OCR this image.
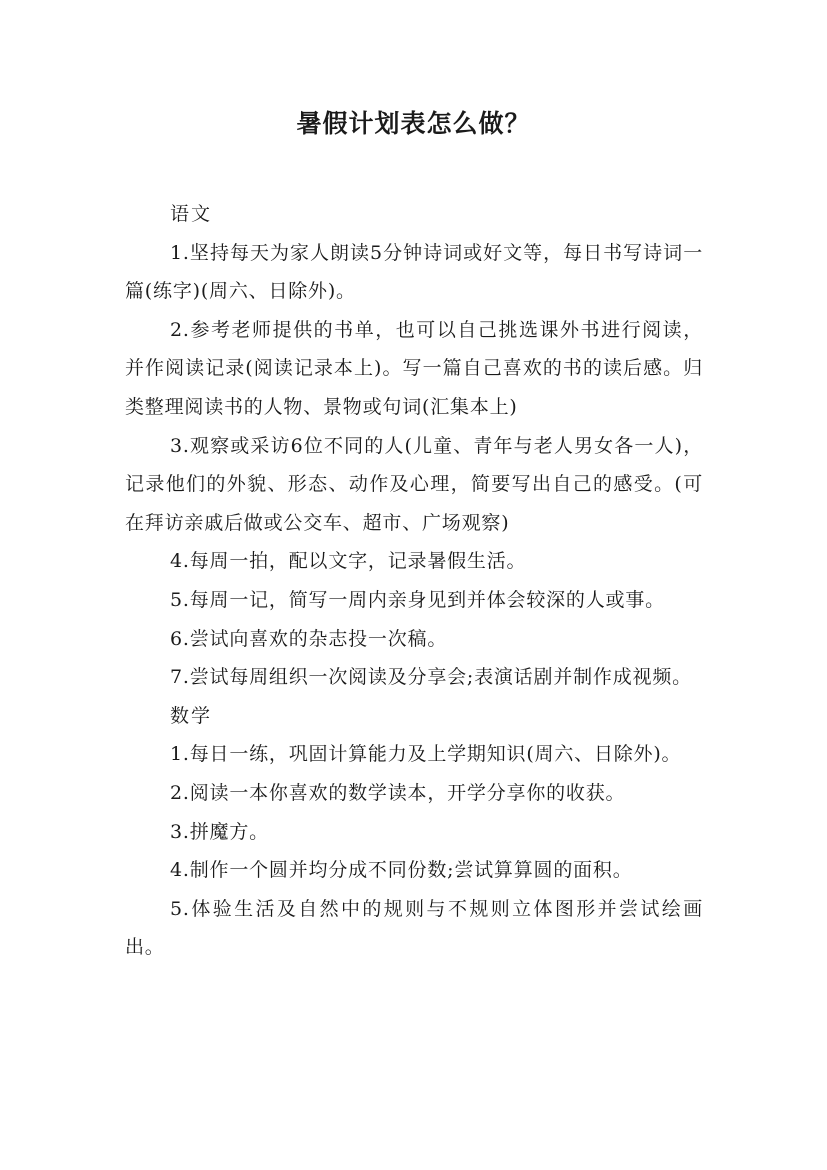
暑假计划表怎么做？

语文

1.坚持每天为家人朗读5分钟诗词或好文等，每日书写诗词一篇(练字)(周六、日除外)。

2.参考老师提供的书单，也可以自己挑选课外书进行阅读，并作阅读记录(阅读记录本上)。写一篇自己喜欢的书的读后感。归类整理阅读书的人物、景物或句词(汇集本上)

3.观察或采访6位不同的人(儿童、青年与老人男女各一人)，记录他们的外貌、形态、动作及心理，简要写出自己的感受。(可在拜访亲戚后做或公交车、超市、广场观察)

4.每周一拍，配以文字，记录暑假生活。

5.每周一记，简写一周内亲身见到并体会较深的人或事。

6.尝试向喜欢的杂志投一次稿。

7.尝试每周组织一次阅读及分享会;表演话剧并制作成视频。

数学

1.每日一练，巩固计算能力及上学期知识(周六、日除外)。

2.阅读一本你喜欢的数学读本，开学分享你的收获。

3.拼魔方。

4.制作一个圆并均分成不同份数;尝试算算圆的面积。

5.体验生活及自然中的规则与不规则立体图形并尝试绘画出。
